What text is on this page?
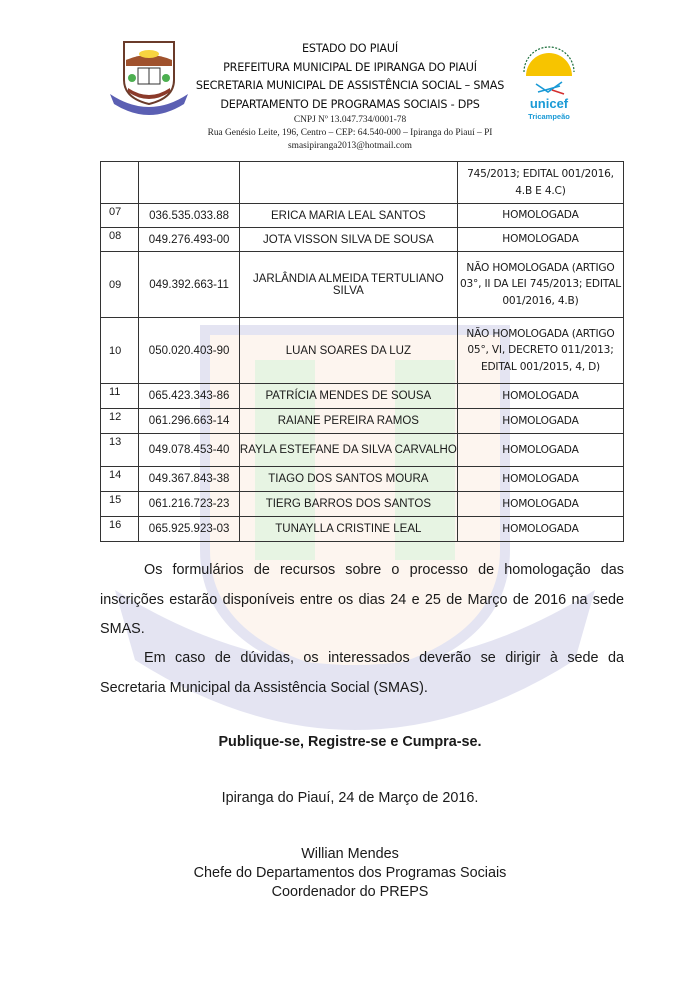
ESTADO DO PIAUÍ
PREFEITURA MUNICIPAL DE IPIRANGA DO PIAUÍ
SECRETARIA MUNICIPAL DE ASSISTÊNCIA SOCIAL – SMAS
DEPARTAMENTO DE PROGRAMAS SOCIAIS - DPS
CNPJ Nº 13.047.734/0001-78
Rua Genésio Leite, 196, Centro – CEP: 64.540-000 – Ipiranga do Piauí – PI
smasipiranga2013@hotmail.com
unicef
Tricampeão
			745/2013; EDITAL 001/2016, 4.B E 4.C)
07	036.535.033.88	ERICA MARIA LEAL SANTOS	HOMOLOGADA
08	049.276.493-00	JOTA VISSON SILVA DE SOUSA	HOMOLOGADA
09	049.392.663-11	JARLÂNDIA ALMEIDA TERTULIANO SILVA	NÃO HOMOLOGADA (ARTIGO 03°, II DA LEI 745/2013; EDITAL 001/2016, 4.B)
10	050.020.403-90	LUAN SOARES DA LUZ	NÃO HOMOLOGADA (ARTIGO 05°, VI, DECRETO 011/2013; EDITAL 001/2015, 4, D)
11	065.423.343-86	PATRÍCIA MENDES DE SOUSA	HOMOLOGADA
12	061.296.663-14	RAIANE PEREIRA RAMOS	HOMOLOGADA
13	049.078.453-40	RAYLA ESTEFANE DA SILVA CARVALHO	HOMOLOGADA
14	049.367.843-38	TIAGO DOS SANTOS MOURA	HOMOLOGADA
15	061.216.723-23	TIERG BARROS DOS SANTOS	HOMOLOGADA
16	065.925.923-03	TUNAYLLA CRISTINE LEAL	HOMOLOGADA
Os formulários de recursos sobre o processo de homologação das inscrições estarão disponíveis entre os dias 24 e 25 de Março de 2016 na sede SMAS.
Em caso de dúvidas, os interessados deverão se dirigir à sede da Secretaria Municipal da Assistência Social (SMAS).
Publique-se, Registre-se e Cumpra-se.
Ipiranga do Piauí, 24 de Março de 2016.
Willian Mendes
Chefe do Departamentos dos Programas Sociais
Coordenador do PREPS
